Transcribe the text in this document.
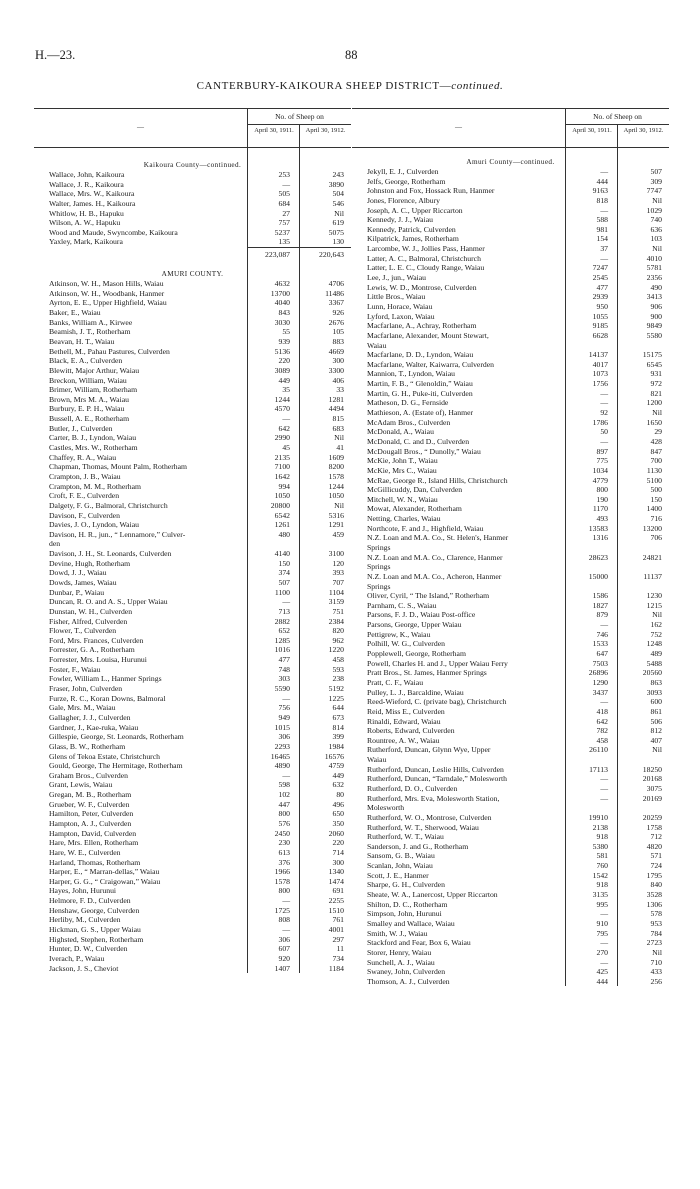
H.—23.	88
CANTERBURY-KAIKOURA SHEEP DISTRICT—continued.
—
No. of Sheep on
April 30, 1911.	April 30, 1912.
Kaikoura County—continued.
Wallace, John, Kaikoura	253	243
Wallace, J. R., Kaikoura	—	3890
Wallace, Mrs. W., Kaikoura	505	504
Walter, James. H., Kaikoura	684	546
Whitlow, H. B., Hapuku	27	Nil
Wilson, A. W., Hapuku	757	619
Wood and Maude, Swyncombe, Kaikoura	5237	5075
Yaxley, Mark, Kaikoura	135	130
223,087	220,643
AMURI COUNTY.
Atkinson, W. H., Mason Hills, Waiau	4632	4706
Atkinson, W. H., Woodbank, Hanmer	13700	11486
Ayrton, E. E., Upper Highfield, Waiau	4040	3367
Baker, E., Waiau	843	926
Banks, William A., Kirwee	3030	2676
Beamish, J. T., Rotherham	55	105
Beavan, H. T., Waiau	939	883
Bethell, M., Pahau Pastures, Culverden	5136	4669
Black, E. A., Culverden	220	300
Blewitt, Major Arthur, Waiau	3089	3300
Breckon, William, Waiau	449	406
Brimer, William, Rotherham	35	33
Brown, Mrs M. A., Waiau	1244	1281
Burbury, E. P. H., Waiau	4570	4494
Bussell, A. E., Rotherham	—	815
Butler, J., Culverden	642	683
Carter, B. J., Lyndon, Waiau	2990	Nil
Castles, Mrs. W., Rotherham	45	41
Chaffey, R. A., Waiau	2135	1609
Chapman, Thomas, Mount Palm, Rotherham	7100	8200
Crampton, J. B., Waiau	1642	1578
Crampton, M. M., Rotherham	994	1244
Croft, F. E., Culverden	1050	1050
Dalgety, F. G., Balmoral, Christchurch	20800	Nil
Davison, F., Culverden	6542	5316
Davies, J. O., Lyndon, Waiau	1261	1291
Davison, H. R., jun., “ Lennamore,” Culver-	480	459
den
Davison, J. H., St. Leonards, Culverden	4140	3100
Devine, Hugh, Rotherham	150	120
Dowd, J. J., Waiau	374	393
Dowds, James, Waiau	507	707
Dunbar, P., Waiau	1100	1104
Duncan, R. O. and A. S., Upper Waiau	—	3159
Dunstan, W. H., Culverden	713	751
Fisher, Alfred, Culverden	2882	2384
Flower, T., Culverden	652	820
Ford, Mrs. Frances, Culverden	1285	962
Forrester, G. A., Rotherham	1016	1220
Forrester, Mrs. Louisa, Hurunui	477	458
Foster, F., Waiau	748	593
Fowler, William L., Hanmer Springs	303	238
Fraser, John, Culverden	5590	5192
Furze, R. C., Koran Downs, Balmoral	—	1225
Gale, Mrs. M., Waiau	756	644
Gallagher, J. J., Culverden	949	673
Gardner, J., Kae-ruka, Waiau	1015	814
Gillespie, George, St. Leonards, Rotherham	306	399
Glass, B. W., Rotherham	2293	1984
Glens of Tekoa Estate, Christchurch	16465	16576
Gould, George, The Hermitage, Rotherham	4890	4759
Graham Bros., Culverden	—	449
Grant, Lewis, Waiau	598	632
Gregan, M. B., Rotherham	102	80
Grueber, W. F., Culverden	447	496
Hamilton, Peter, Culverden	800	650
Hampton, A. J., Culverden	576	350
Hampton, David, Culverden	2450	2060
Hare, Mrs. Ellen, Rotherham	230	220
Hare, W. E., Culverden	613	714
Harland, Thomas, Rotherham	376	300
Harper, E., “ Marran-dellas,” Waiau	1966	1340
Harper, G. G., “ Craigowan,” Waiau	1578	1474
Hayes, John, Hurunui	800	691
Helmore, F. D., Culverden	—	2255
Henshaw, George, Culverden	1725	1510
Herliby, M., Culverden	808	761
Hickman, G. S., Upper Waiau	—	4001
Highsted, Stephen, Rotherham	306	297
Hunter, D. W., Culverden	607	11
Iverach, P., Waiau	920	734
Jackson, J. S., Cheviot	1407	1184
—
No. of Sheep on
April 30, 1911.	April 30, 1912.
Amuri County—continued.
Jekyll, E. J., Culverden	—	507
Jelfs, George, Rotherham	444	309
Johnston and Fox, Hossack Run, Hanmer	9163	7747
Jones, Florence, Albury	818	Nil
Joseph, A. C., Upper Riccarton	—	1029
Kennedy, J. J., Waiau	588	740
Kennedy, Patrick, Culverden	981	636
Kilpatrick, James, Rotherham	154	103
Larcombe, W. J., Jollies Pass, Hanmer	37	Nil
Latter, A. C., Balmoral, Christchurch	—	4010
Latter, L. E. C., Cloudy Range, Waiau	7247	5781
Lee, J., jun., Waiau	2545	2356
Lewis, W. D., Montrose, Culverden	477	490
Little Bros., Waiau	2939	3413
Lunn, Horace, Waiau	950	906
Lyford, Laxon, Waiau	1055	900
Macfarlane, A., Achray, Rotherham	9185	9849
Macfarlane, Alexander, Mount Stewart,	6628	5580
Waiau
Macfarlane, D. D., Lyndon, Waiau	14137	15175
Macfarlane, Walter, Kaiwarra, Culverden	4017	6545
Mannion, T., Lyndon, Waiau	1073	931
Martin, F. B., “ Glenoldin,” Waiau	1756	972
Martin, G. H., Puke-iti, Culverden	—	821
Matheson, D. G., Fernside	—	1200
Mathieson, A. (Estate of), Hanmer	92	Nil
McAdam Bros., Culverden	1786	1650
McDonald, A., Waiau	50	29
McDonald, C. and D., Culverden	—	428
McDougall Bros., “ Dunolly,” Waiau	897	847
McKie, John T., Waiau	775	700
McKie, Mrs C., Waiau	1034	1130
McRae, George R., Island Hills, Christchurch	4779	5100
McGillicuddy, Dan, Culverden	800	500
Mitchell, W. N., Waiau	190	150
Mowat, Alexander, Rotherham	1170	1400
Netting, Charles, Waiau	493	716
Northcote, F. and J., Highfield, Waiau	13583	13200
N.Z. Loan and M.A. Co., St. Helen's, Hanmer	1316	706
Springs
N.Z. Loan and M.A. Co., Clarence, Hanmer	28623	24821
Springs
N.Z. Loan and M.A. Co., Acheron, Hanmer	15000	11137
Springs
Oliver, Cyril, “ The Island,” Rotherham	1586	1230
Parnham, C. S., Waiau	1827	1215
Parsons, F. J. D., Waiau Post-office	879	Nil
Parsons, George, Upper Waiau	—	162
Pettigrew, K., Waiau	746	752
Polhill, W. G., Culverden	1533	1248
Popplewell, George, Rotherham	647	489
Powell, Charles H. and J., Upper Waiau Ferry	7503	5488
Pratt Bros., St. James, Hanmer Springs	26896	20560
Pratt, C. F., Waiau	1290	863
Pulley, L. J., Barcaldine, Waiau	3437	3093
Reed-Wieford, C. (private bag), Christchurch	—	600
Reid, Miss E., Culverden	418	861
Rinaldi, Edward, Waiau	642	506
Roberts, Edward, Culverden	782	812
Rountree, A. W., Waiau	458	407
Rutherford, Duncan, Glynn Wye, Upper	26110	Nil
Waiau
Rutherford, Duncan, Leslie Hills, Culverden	17113	18250
Rutherford, Duncan, “Tarndale,” Molesworth	—	20168
Rutherford, D. O., Culverden	—	3075
Rutherford, Mrs. Eva, Molesworth Station,	—	20169
Molesworth
Rutherford, W. O., Montrose, Culverden	19910	20259
Rutherford, W. T., Sherwood, Waiau	2138	1758
Rutherford, W. T., Waiau	918	712
Sanderson, J. and G., Rotherham	5380	4820
Sansom, G. B., Waiau	581	571
Scanlan, John, Waiau	760	724
Scott, J. E., Hanmer	1542	1795
Sharpe, G. H., Culverden	918	840
Sheate, W. A., Lanercost, Upper Riccarton	3135	3528
Shilton, D. C., Rotherham	995	1306
Simpson, John, Hurunui	—	578
Smalley and Wallace, Waiau	910	953
Smith, W. J., Waiau	795	784
Stackford and Fear, Box 6, Waiau	—	2723
Storer, Henry, Waiau	270	Nil
Sunchell, A. J., Waiau	—	710
Swaney, John, Culverden	425	433
Thomson, A. J., Culverden	444	256
